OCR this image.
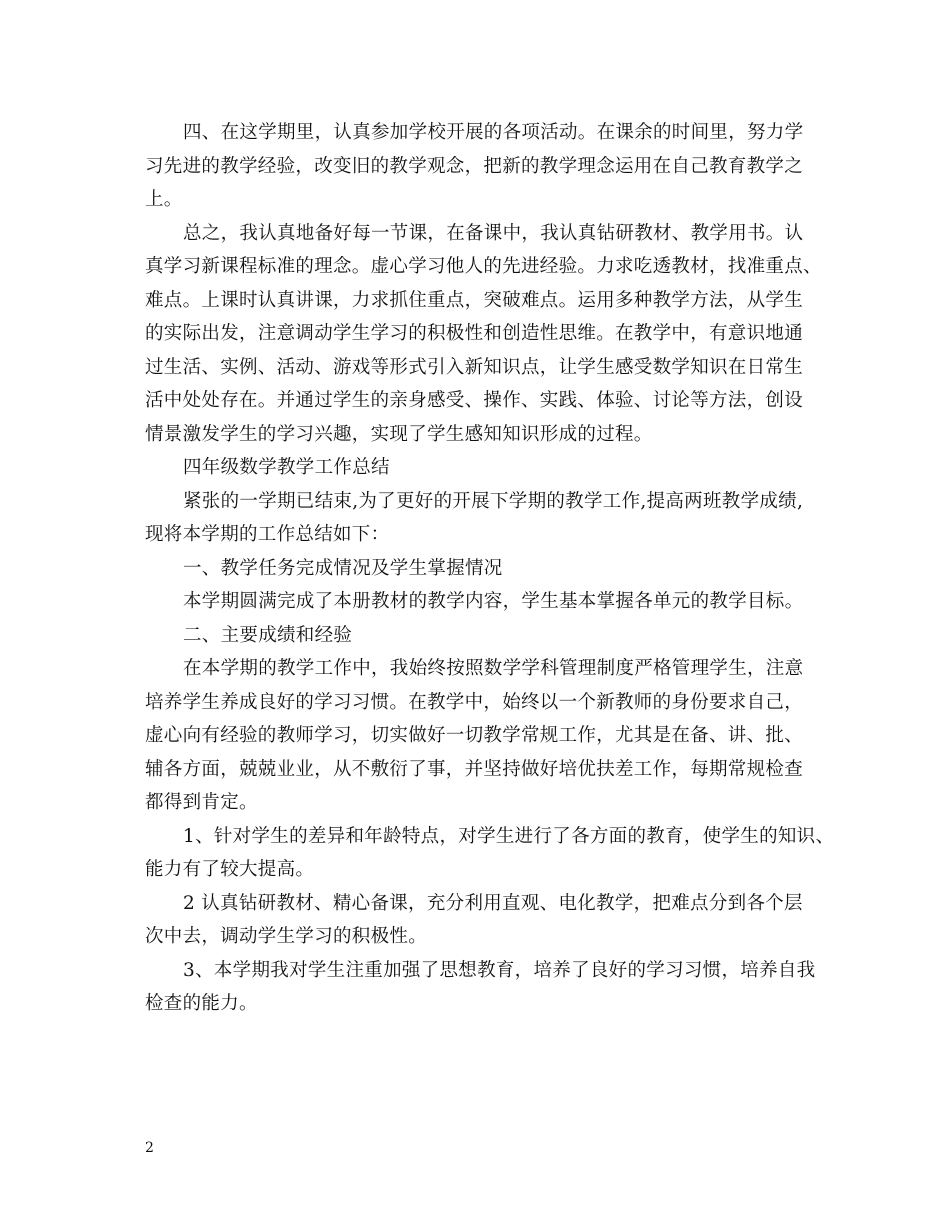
四、在这学期里，认真参加学校开展的各项活动。在课余的时间里，努力学
习先进的教学经验，改变旧的教学观念，把新的教学理念运用在自己教育教学之
上。
总之，我认真地备好每一节课，在备课中，我认真钻研教材、教学用书。认
真学习新课程标准的理念。虚心学习他人的先进经验。力求吃透教材，找准重点、
难点。上课时认真讲课，力求抓住重点，突破难点。运用多种教学方法，从学生
的实际出发，注意调动学生学习的积极性和创造性思维。在教学中，有意识地通
过生活、实例、活动、游戏等形式引入新知识点，让学生感受数学知识在日常生
活中处处存在。并通过学生的亲身感受、操作、实践、体验、讨论等方法，创设
情景激发学生的学习兴趣，实现了学生感知知识形成的过程。
四年级数学教学工作总结
紧张的一学期已结束,为了更好的开展下学期的教学工作,提高两班教学成绩,
现将本学期的工作总结如下：
一、教学任务完成情况及学生掌握情况
本学期圆满完成了本册教材的教学内容，学生基本掌握各单元的教学目标。
二、主要成绩和经验
在本学期的教学工作中，我始终按照数学学科管理制度严格管理学生，注意
培养学生养成良好的学习习惯。在教学中，始终以一个新教师的身份要求自己，
虚心向有经验的教师学习，切实做好一切教学常规工作，尤其是在备、讲、批、
辅各方面，兢兢业业，从不敷衍了事，并坚持做好培优扶差工作，每期常规检查
都得到肯定。
1、针对学生的差异和年龄特点，对学生进行了各方面的教育，使学生的知识、
能力有了较大提高。
2 认真钻研教材、精心备课，充分利用直观、电化教学，把难点分到各个层
次中去，调动学生学习的积极性。
3、本学期我对学生注重加强了思想教育，培养了良好的学习习惯，培养自我
检查的能力。
2
